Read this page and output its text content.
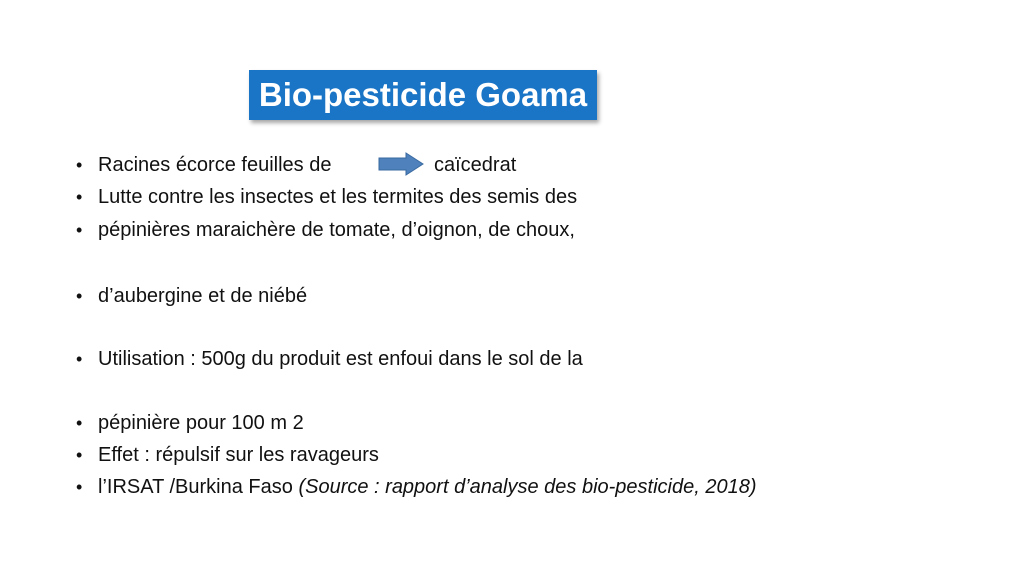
Bio-pesticide Goama
• Racines écorce feuilles de	caïcedrat
• Lutte contre les insectes et les termites des semis des
• pépinières maraichère de tomate, d’oignon, de choux,
• d’aubergine et de niébé
• Utilisation : 500g du produit est enfoui dans le sol de la
• pépinière pour 100 m 2
• Effet : répulsif sur les ravageurs
• l’IRSAT /Burkina Faso (Source : rapport d’analyse des bio-pesticide, 2018)
